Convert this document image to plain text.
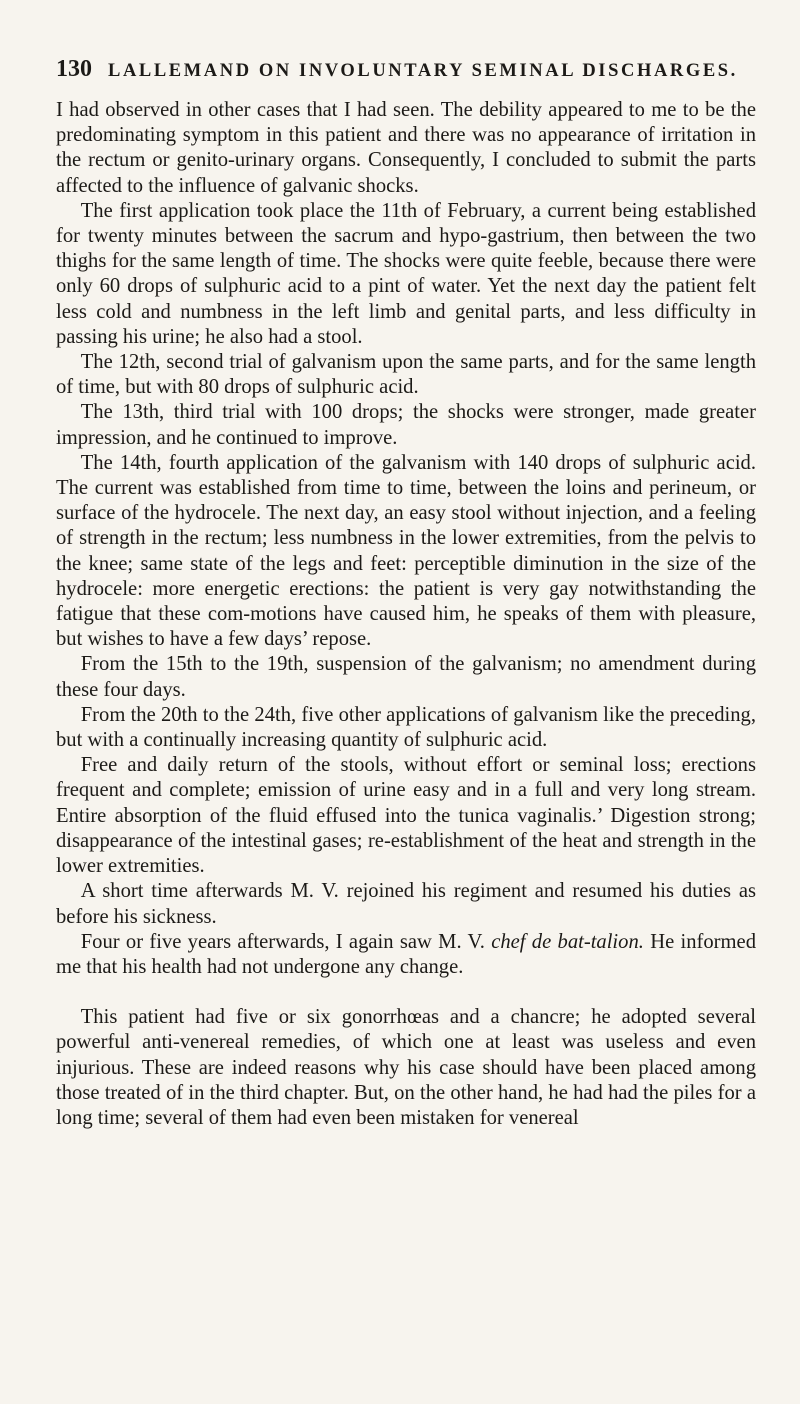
130 LALLEMAND ON INVOLUNTARY SEMINAL DISCHARGES.

I had observed in other cases that I had seen. The debility appeared to me to be the predominating symptom in this patient and there was no appearance of irritation in the rectum or genito-urinary organs. Consequently, I concluded to submit the parts affected to the influence of galvanic shocks.

The first application took place the 11th of February, a current being established for twenty minutes between the sacrum and hypo-gastrium, then between the two thighs for the same length of time. The shocks were quite feeble, because there were only 60 drops of sulphuric acid to a pint of water. Yet the next day the patient felt less cold and numbness in the left limb and genital parts, and less difficulty in passing his urine; he also had a stool.

The 12th, second trial of galvanism upon the same parts, and for the same length of time, but with 80 drops of sulphuric acid.

The 13th, third trial with 100 drops; the shocks were stronger, made greater impression, and he continued to improve.

The 14th, fourth application of the galvanism with 140 drops of sulphuric acid. The current was established from time to time, between the loins and perineum, or surface of the hydrocele. The next day, an easy stool without injection, and a feeling of strength in the rectum; less numbness in the lower extremities, from the pelvis to the knee; same state of the legs and feet: perceptible diminution in the size of the hydrocele: more energetic erections: the patient is very gay notwithstanding the fatigue that these com-motions have caused him, he speaks of them with pleasure, but wishes to have a few days’ repose.

From the 15th to the 19th, suspension of the galvanism; no amendment during these four days.

From the 20th to the 24th, five other applications of galvanism like the preceding, but with a continually increasing quantity of sulphuric acid.

Free and daily return of the stools, without effort or seminal loss; erections frequent and complete; emission of urine easy and in a full and very long stream. Entire absorption of the fluid effused into the tunica vaginalis.’ Digestion strong; disappearance of the intestinal gases; re-establishment of the heat and strength in the lower extremities.

A short time afterwards M. V. rejoined his regiment and resumed his duties as before his sickness.

Four or five years afterwards, I again saw M. V. chef de bat-talion. He informed me that his health had not undergone any change.

This patient had five or six gonorrhœas and a chancre; he adopted several powerful anti-venereal remedies, of which one at least was useless and even injurious. These are indeed reasons why his case should have been placed among those treated of in the third chapter. But, on the other hand, he had had the piles for a long time; several of them had even been mistaken for venereal
